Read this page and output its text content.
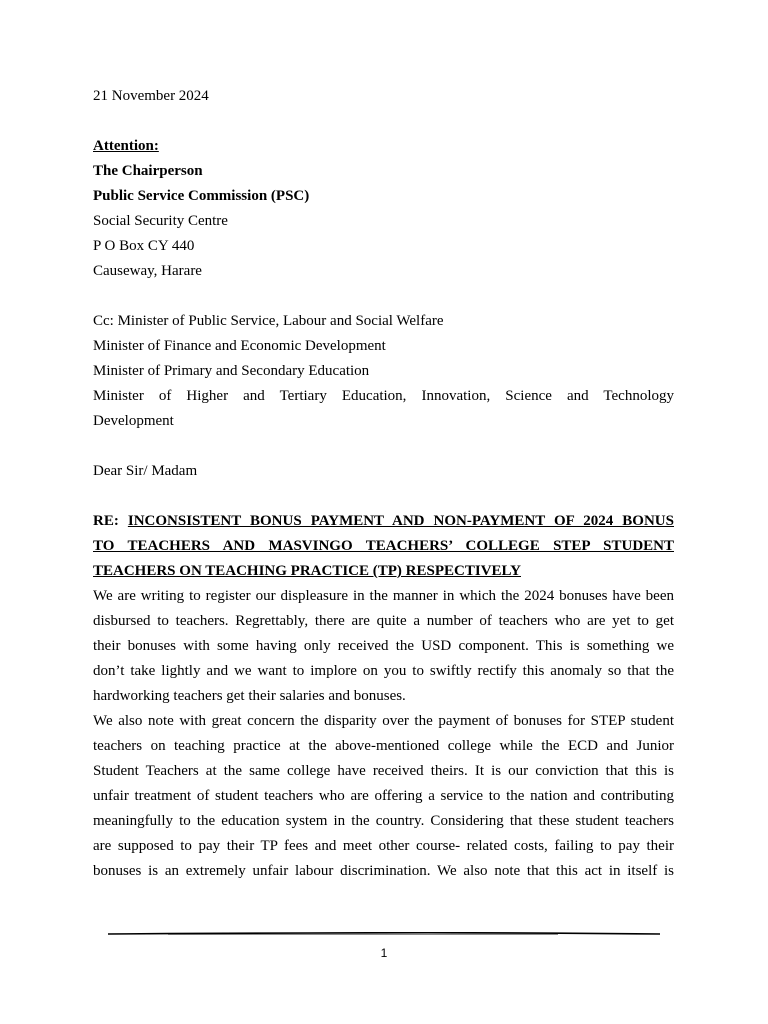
21 November 2024
Attention:
The Chairperson
Public Service Commission (PSC)
Social Security Centre
P O Box CY 440
Causeway, Harare
Cc: Minister of Public Service, Labour and Social Welfare
Minister of Finance and Economic Development
Minister of Primary and Secondary Education
Minister of Higher and Tertiary Education, Innovation, Science and Technology
Development
Dear Sir/ Madam
RE: INCONSISTENT BONUS PAYMENT AND NON-PAYMENT OF 2024 BONUS
TO TEACHERS AND MASVINGO TEACHERS’ COLLEGE STEP STUDENT
TEACHERS ON TEACHING PRACTICE (TP) RESPECTIVELY
We are writing to register our displeasure in the manner in which the 2024 bonuses have been
disbursed to teachers. Regrettably, there are quite a number of teachers who are yet to get
their bonuses with some having only received the USD component. This is something we
don’t take lightly and we want to implore on you to swiftly rectify this anomaly so that the
hardworking teachers get their salaries and bonuses.
We also note with great concern the disparity over the payment of bonuses for STEP student
teachers on teaching practice at the above-mentioned college while the ECD and Junior
Student Teachers at the same college have received theirs. It is our conviction that this is
unfair treatment of student teachers who are offering a service to the nation and contributing
meaningfully to the education system in the country. Considering that these student teachers
are supposed to pay their TP fees and meet other course- related costs, failing to pay their
bonuses is an extremely unfair labour discrimination. We also note that this act in itself is
1
